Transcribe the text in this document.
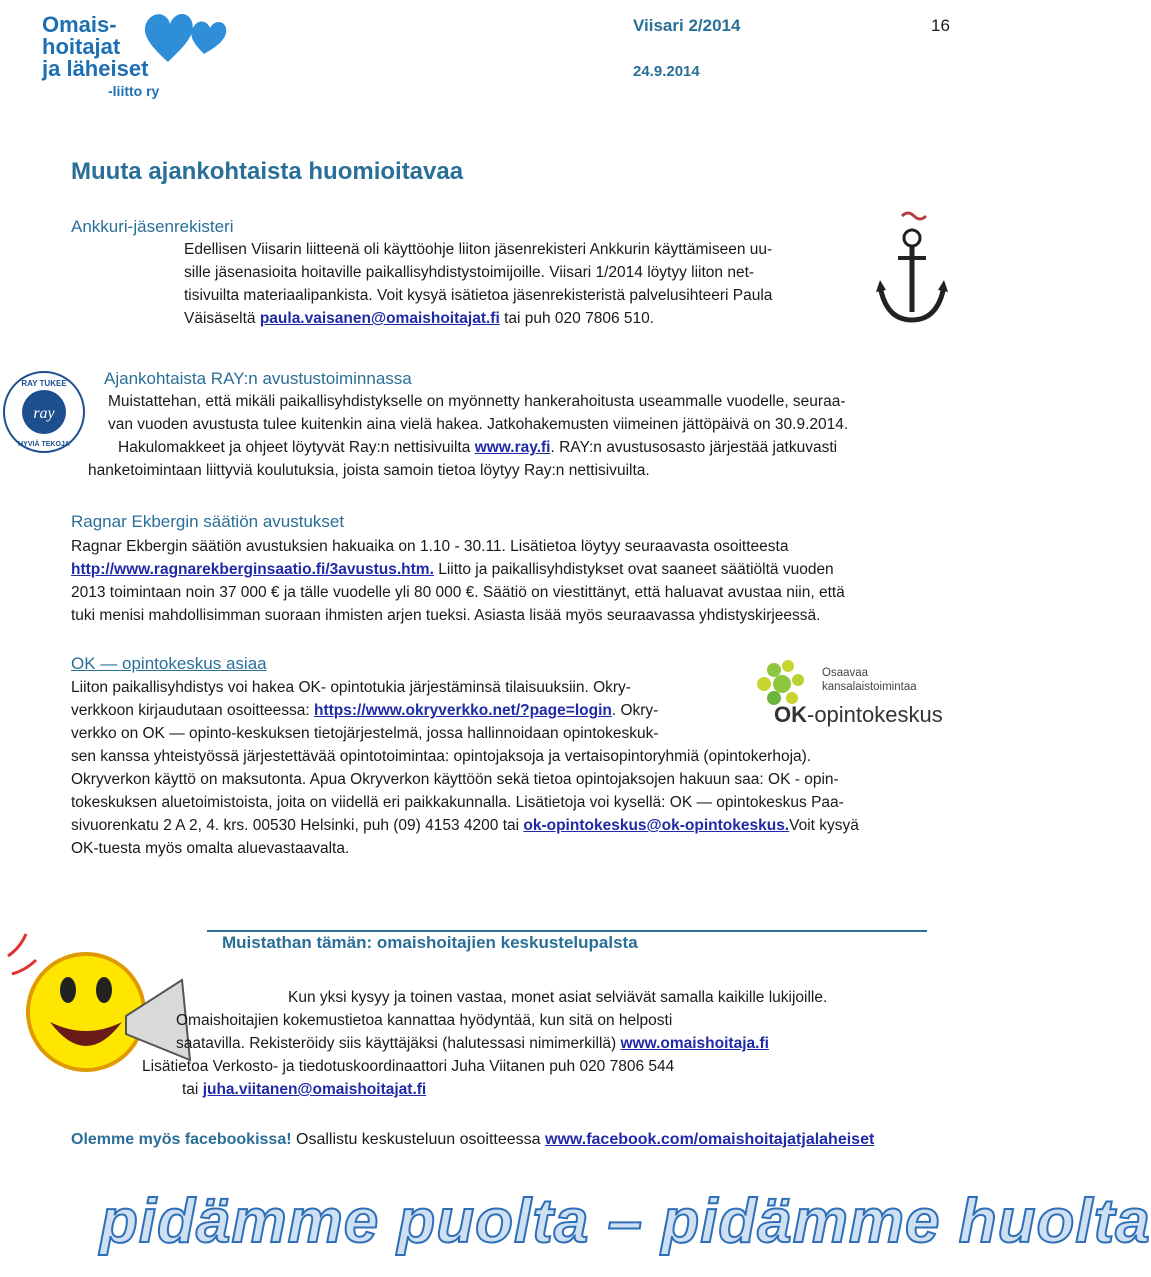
Omais-
hoitajat
ja läheiset
-liitto ry
Viisari 2/2014	16
24.9.2014
Muuta ajankohtaista huomioitavaa
Ankkuri-jäsenrekisteri

Edellisen Viisarin liitteenä oli käyttöohje liiton jäsenrekisteri Ankkurin käyttämiseen uu-

sille jäsenasioita hoitaville paikallisyhdistystoimijoille. Viisari 1/2014 löytyy liiton net-

tisivuilta materiaalipankista. Voit kysyä isätietoa jäsenrekisteristä palvelusihteeri Paula

Väisäseltä paula.vaisanen@omaishoitajat.fi tai puh 020 7806 510.

ray
RAY TUKEE
HYVIÄ TEKOJA
Ajankohtaista RAY:n avustustoiminnassa

Muistattehan, että mikäli paikallisyhdistykselle on myönnetty hankerahoitusta useammalle vuodelle, seuraa-

van vuoden avustusta tulee kuitenkin aina vielä hakea. Jatkohakemusten viimeinen jättöpäivä on 30.9.2014.

Hakulomakkeet ja ohjeet löytyvät Ray:n nettisivuilta www.ray.fi. RAY:n avustusosasto järjestää jatkuvasti

hanketoimintaan liittyviä koulutuksia, joista samoin tietoa löytyy Ray:n nettisivuilta.

Ragnar Ekbergin säätiön avustukset

Ragnar Ekbergin säätiön avustuksien hakuaika on 1.10 - 30.11. Lisätietoa löytyy seuraavasta osoitteesta

http://www.ragnarekberginsaatio.fi/3avustus.htm. Liitto ja paikallisyhdistykset ovat saaneet säätiöltä vuoden

2013 toimintaan noin 37 000 € ja tälle vuodelle yli 80 000 €. Säätiö on viestittänyt, että haluavat avustaa niin, että

tuki menisi mahdollisimman suoraan ihmisten arjen tueksi. Asiasta lisää myös seuraavassa yhdistyskirjeessä.

OK — opintokeskus asiaa	Osaavaa kansalaistoimintaa
OK-opintokeskus

Liiton paikallisyhdistys voi hakea OK- opintotukia järjestäminsä tilaisuuksiin. Okry-

verkkoon kirjaudutaan osoitteessa: https://www.okryverkko.net/?page=login. Okry-

verkko on OK — opinto-keskuksen tietojärjestelmä, jossa hallinnoidaan opintokeskuk-

sen kanssa yhteistyössä järjestettävää opintotoimintaa: opintojaksoja ja vertaisopintoryhmiä (opintokerhoja).

Okryverkon käyttö on maksutonta. Apua Okryverkon käyttöön sekä tietoa opintojaksojen hakuun saa: OK - opin-

tokeskuksen aluetoimistoista, joita on viidellä eri paikkakunnalla. Lisätietoja voi kysellä: OK — opintokeskus Paa-

sivuorenkatu 2 A 2, 4. krs. 00530 Helsinki, puh (09) 4153 4200 tai ok-opintokeskus@ok-opintokeskus.Voit kysyä

OK-tuesta myös omalta aluevastaavalta.

Muistathan tämän: omaishoitajien keskustelupalsta

Kun yksi kysyy ja toinen vastaa, monet asiat selviävät samalla kaikille lukijoille.

Omaishoitajien kokemustietoa kannattaa hyödyntää, kun sitä on helposti

saatavilla. Rekisteröidy siis käyttäjäksi (halutessasi nimimerkillä) www.omaishoitaja.fi

Lisätietoa Verkosto- ja tiedotuskoordinaattori Juha Viitanen puh 020 7806 544

tai juha.viitanen@omaishoitajat.fi

Olemme myös facebookissa! Osallistu keskusteluun osoitteessa www.facebook.com/omaishoitajatjalaheiset

pidämme puolta – pidämme huolta
